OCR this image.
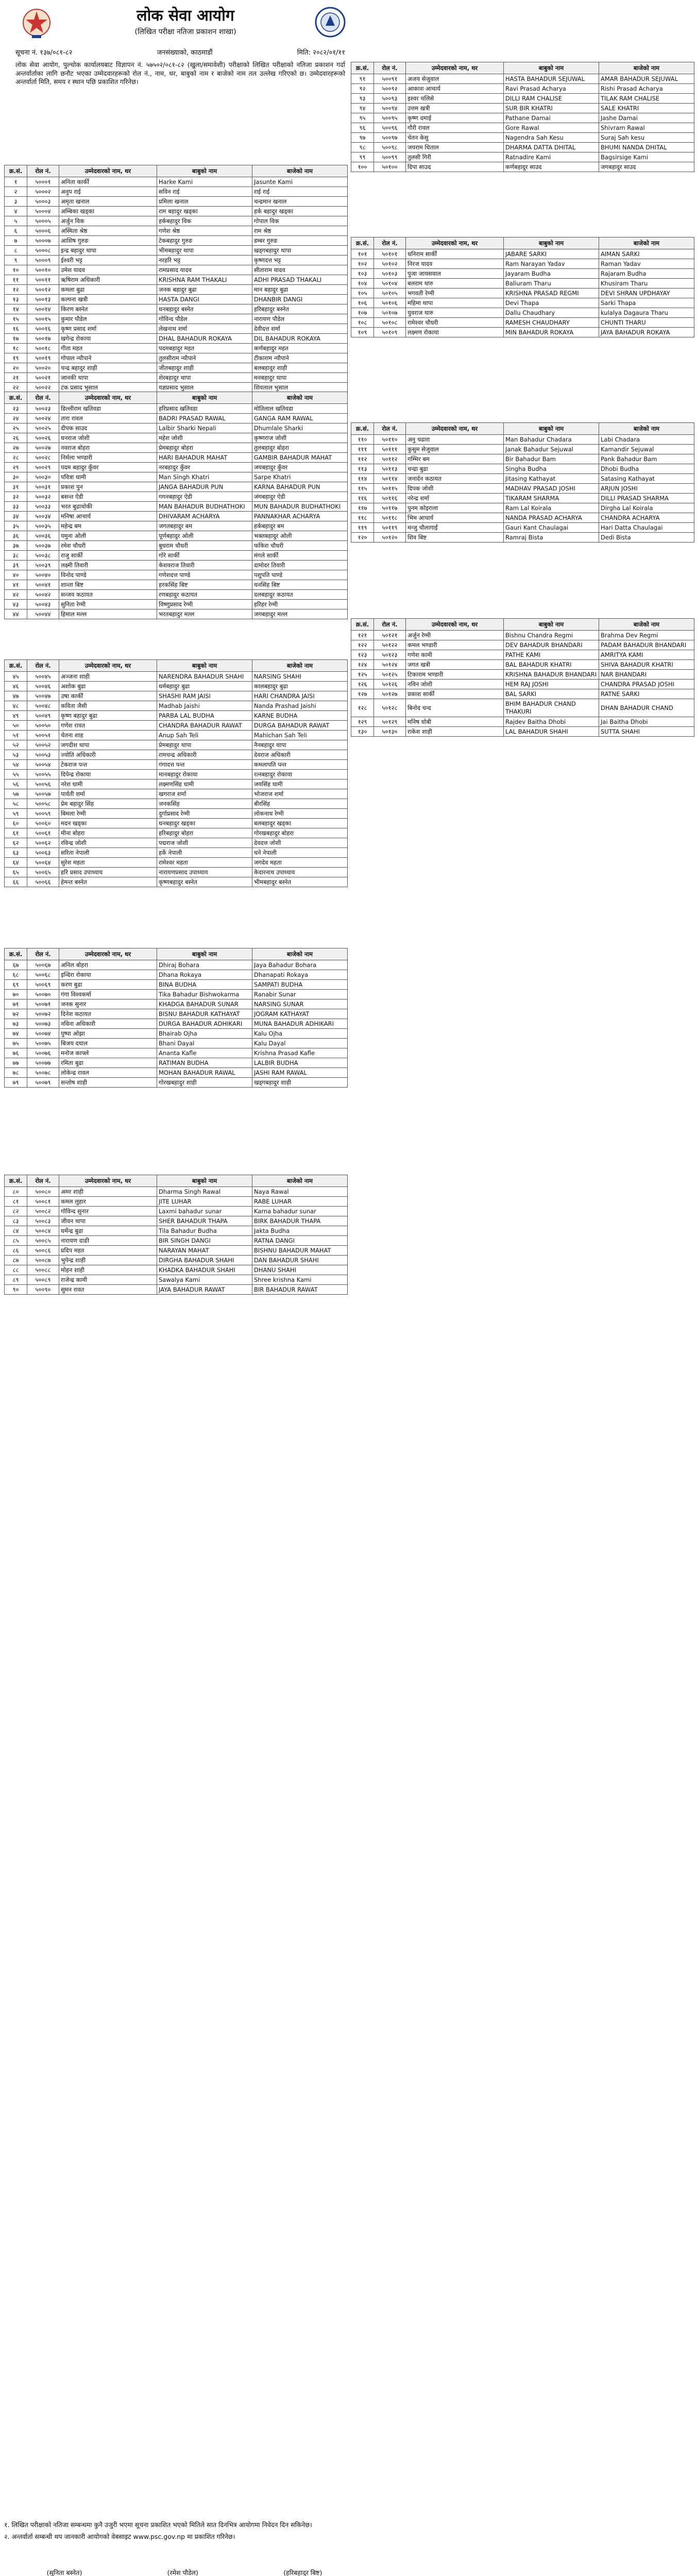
लोक सेवा आयोग
(लिखित परीक्षा नतिजा प्रकाशन शाखा)
सूचना नं. १३७/०८१-८२	जनसंख्याको, काठमाडौं	मिति: २०८२/०१/११
लोक सेवा आयोग, पुल्चोक कार्यालयबाट विज्ञापन नं. ५७५०२/०८१-८२ (खुला/समावेशी) परीक्षाको लिखित परीक्षाको नतिजा प्रकाशन गर्दा अन्तर्वार्ताका लागि छनौट भएका उम्मेदवारहरूको रोल नं., नाम, थर, बाबुको नाम र बाजेको नाम तल उल्लेख गरिएको छ। उम्मेदवारहरूको अन्तर्वार्ता मिति, समय र स्थान पछि प्रकाशित गरिनेछ।
क्र.सं.	रोल नं.	उम्मेदवारको नाम, थर	बाबुको नाम	बाजेको नाम
१	५०००१	अनिता कार्की	Harke Kami	Jasunte Kami
२	५०००२	अनुप राई	सविन राई	राई राई
३	५०००३	अमृता खनाल	प्रमिला खनाल	चन्द्रमान खनाल
४	५०००४	अम्बिका खड्का	राम बहादुर खड्का	हर्क बहादुर खड्का
५	५०००५	अर्जुन विक	हर्कबहादुर विक	गोपाल विक
६	५०००६	अस्मिता श्रेष्ठ	गणेश श्रेष्ठ	राम श्रेष्ठ
७	५०००७	आशिष गुरुङ	टेकबहादुर गुरुङ	डम्बर गुरुङ
८	५०००८	इन्द्र बहादुर थापा	भीमबहादुर थापा	खड्गबहादुर थापा
९	५०००९	ईश्वरी भट्ट	नरहरि भट्ट	कृष्णदत्त भट्ट
१०	५००१०	उमेश यादव	रामप्रसाद यादव	सीताराम यादव
११	५००११	ऋषिराम अधिकारी	KRISHNA RAM THAKALI	ADHI PRASAD THAKALI
१२	५००१२	कमला बुढा	जनक बहादुर बुढा	मान बहादुर बुढा
१३	५००१३	कल्पना खत्री	HASTA DANGI	DHANBIR DANGI
१४	५००१४	किरण बस्नेत	धनबहादुर बस्नेत	हरिबहादुर बस्नेत
१५	५००१५	कुमार पौडेल	गोविन्द पौडेल	नारायण पौडेल
१६	५००१६	कृष्ण प्रसाद शर्मा	लेखनाथ शर्मा	देवीदत्त शर्मा
१७	५००१७	खगेन्द्र रोकाया	DHAL BAHADUR ROKAYA	DIL BAHADUR ROKAYA
१८	५००१८	गीता महत	पदमबहादुर महत	कर्णबहादुर महत
१९	५००१९	गोपाल न्यौपाने	तुलसीराम न्यौपाने	टीकाराम न्यौपाने
२०	५००२०	चन्द्र बहादुर शाही	जीतबहादुर शाही	बलबहादुर शाही
२१	५००२१	जानकी थापा	शेरबहादुर थापा	मनबहादुर थापा
२२	५००२२	टंक प्रसाद भुसाल	यज्ञप्रसाद भुसाल	शिवलाल भुसाल
क्र.सं.	रोल नं.	उम्मेदवारको नाम, थर	बाबुको नाम	बाजेको नाम
२३	५००२३	डिल्लीराम खतिवडा	हरिप्रसाद खतिवडा	मोतिलाल खतिवडा
२४	५००२४	तारा रावल	BADRI PRASAD RAWAL	GANGA RAM RAWAL
२५	५००२५	दीपक साउद	Lalbir Sharki Nepali	Dhumlale Sharki
२६	५००२६	धनराज जोशी	महेश जोशी	कृष्णराज जोशी
२७	५००२७	नवराज बोहरा	प्रेमबहादुर बोहरा	तुलबहादुर बोहरा
२८	५००२८	निर्मला भण्डारी	HARI BAHADUR MAHAT	GAMBIR BAHADUR MAHAT
२९	५००२९	पदम बहादुर कुँवर	नरबहादुर कुँवर	जयबहादुर कुँवर
३०	५००३०	पवित्रा धामी	Man Singh Khatri	Sarpe Khatri
३१	५००३१	प्रकाश पुन	JANGA BAHADUR PUN	KARNA BAHADUR PUN
३२	५००३२	बसन्त ऐडी	गगनबहादुर ऐडी	जंगबहादुर ऐडी
३३	५००३३	भरत बुढाथोकी	MAN BAHADUR BUDHATHOKI	MUN BAHADUR BUDHATHOKI
३४	५००३४	मनिषा आचार्य	DHIVARAM ACHARYA	PANNAKHAR ACHARYA
३५	५००३५	महेन्द्र बम	जगतबहादुर बम	हर्कबहादुर बम
३६	५००३६	यमुना ओली	पूर्णबहादुर ओली	भक्तबहादुर ओली
३७	५००३७	रमेश चौधरी	बुधराम चौधरी	फकिरा चौधरी
३८	५००३८	राजु सार्की	गोरे सार्की	मंगले सार्की
३९	५००३९	लक्ष्मी तिवारी	केशवराज तिवारी	दामोदर तिवारी
४०	५००४०	विनोद पाण्डे	गणेशदत्त पाण्डे	पशुपति पाण्डे
४१	५००४१	शान्ता बिष्ट	हरकसिंह बिष्ट	धनसिंह बिष्ट
४२	५००४२	सन्जय कठायत	रणबहादुर कठायत	दलबहादुर कठायत
४३	५००४३	सुनिता रेग्मी	विष्णुप्रसाद रेग्मी	हरिहर रेग्मी
४४	५००४४	हिमाल मल्ल	भरतबहादुर मल्ल	जगबहादुर मल्ल
क्र.सं.	रोल नं.	उम्मेदवारको नाम, थर	बाबुको नाम	बाजेको नाम
४५	५००४५	अञ्जना शाही	NARENDRA BAHADUR SHAHI	NARSING SHAHI
४६	५००४६	अशोक बुढा	धर्मबहादुर बुढा	कालबहादुर बुढा
४७	५००४७	उषा कार्की	SHASHI RAM JAISI	HARI CHANDRA JAISI
४८	५००४८	कविता जैसी	Madhab Jaishi	Nanda Prashad Jaishi
४९	५००४९	कृष्ण बहादुर बुढा	PARBA LAL BUDHA	KARNE BUDHA
५०	५००५०	गणेश रावत	CHANDRA BAHADUR RAWAT	DURGA BAHADUR RAWAT
५१	५००५१	चेतना शाह	Anup Sah Teli	Mahichan Sah Teli
५२	५००५२	जगदीश थापा	प्रेमबहादुर थापा	नैनबहादुर थापा
५३	५००५३	ज्योति अधिकारी	रामचन्द्र अधिकारी	देवराज अधिकारी
५४	५००५४	टेकराज पन्त	गंगादत्त पन्त	कमलापति पन्त
५५	५००५५	दिपेन्द्र रोकाया	मानबहादुर रोकाया	रत्नबहादुर रोकाया
५६	५००५६	नरेश धामी	लक्ष्मणसिंह धामी	जयसिंह धामी
५७	५००५७	पार्वती शर्मा	खगराज शर्मा	भोजराज शर्मा
५८	५००५८	प्रेम बहादुर सिंह	जनकसिंह	बीरसिंह
५९	५००५९	बिमला रेग्मी	दुर्गाप्रसाद रेग्मी	लोकनाथ रेग्मी
६०	५००६०	मदन खड्का	धनबहादुर खड्का	बलबहादुर खड्का
६१	५००६१	मीना बोहरा	हरिबहादुर बोहरा	गोरखबहादुर बोहरा
६२	५००६२	रविन्द्र जोशी	पद्मराज जोशी	देवदत्त जोशी
६३	५००६३	सरिता नेपाली	हर्के नेपाली	धने नेपाली
६४	५००६४	सुरेश महता	रामेश्वर महता	जगदेव महता
६५	५००६५	हरि प्रसाद उपाध्याय	नारायणप्रसाद उपाध्याय	केदारनाथ उपाध्याय
६६	५००६६	हेमन्त बस्नेत	कृष्णबहादुर बस्नेत	भीमबहादुर बस्नेत
क्र.सं.	रोल नं.	उम्मेदवारको नाम, थर	बाबुको नाम	बाजेको नाम
६७	५००६७	अनिल बोहरा	Dhiraj Bohara	Jaya Bahadur Bohara
६८	५००६८	इन्दिरा रोकाया	Dhana Rokaya	Dhanapati Rokaya
६९	५००६९	करण बुढा	BINA BUDHA	SAMPATI BUDHA
७०	५००७०	गंगा विश्वकर्मा	Tika Bahadur Bishwokarma	Ranabir Sunar
७१	५००७१	जनक सुनार	KHADGA BAHADUR SUNAR	NARSING SUNAR
७२	५००७२	दिनेश कठायत	BISNU BAHADUR KATHAYAT	JOGRAM KATHAYAT
७३	५००७३	नविना अधिकारी	DURGA BAHADUR ADHIKARI	MUNA BAHADUR ADHIKARI
७४	५००७४	पुष्पा ओझा	Bhairab Ojha	Kalu Ojha
७५	५००७५	बिजय दयाल	Bhani Dayal	Kalu Dayal
७६	५००७६	मनोज काफ्ले	Ananta Kafle	Krishna Prasad Kafle
७७	५००७७	रमिता बुढा	RATIMAN BUDHA	LALBIR BUDHA
७८	५००७८	लोकेन्द्र रावल	MOHAN BAHADUR RAWAL	JASHI RAM RAWAL
७९	५००७९	सन्तोष शाही	गोरखबहादुर शाही	खड्गबहादुर शाही
क्र.सं.	रोल नं.	उम्मेदवारको नाम, थर	बाबुको नाम	बाजेको नाम
८०	५००८०	अमर शाही	Dharma Singh Rawal	Naya Rawal
८१	५००८१	कमल लुहार	JITE LUHAR	RABE LUHAR
८२	५००८२	गोविन्द सुनार	Laxmi bahadur sunar	Karna bahadur sunar
८३	५००८३	जीवन थापा	SHER BAHADUR THAPA	BIRK BAHADUR THAPA
८४	५००८४	धर्मेन्द्र बुढा	Tila Bahadur Budha	Jakta Budha
८५	५००८५	नारायण दाङी	BIR SINGH DANGI	RATNA DANGI
८६	५००८६	प्रदिप महत	NARAYAN MAHAT	BISHNU BAHADUR MAHAT
८७	५००८७	भुपेन्द्र शाही	DIRGHA BAHADUR SHAHI	DAN BAHADUR SHAHI
८८	५००८८	मोहन शाही	KHADKA BAHADUR SHAHI	DHANU SHAHI
८९	५००८९	राजेन्द्र कामी	Sawalya Kami	Shree krishna Kami
९०	५००९०	सुमन रावत	JAYA BAHADUR RAWAT	BIR BAHADUR RAWAT
क्र.सं.	रोल नं.	उम्मेदवारको नाम, थर	बाबुको नाम	बाजेको नाम
९१	५००९१	अजय सेजुवाल	HASTA BAHADUR SEJUWAL	AMAR BAHADUR SEJUWAL
९२	५००९२	आकाश आचार्य	Ravi Prasad Acharya	Rishi Prasad Acharya
९३	५००९३	इश्वर चलिसे	DILLI RAM CHALISE	TILAK RAM CHALISE
९४	५००९४	उत्तम खत्री	SUR BIR KHATRI	SALE KHATRI
९५	५००९५	कृष्ण दमाई	Pathane Damai	Jashe Damai
९६	५००९६	गौरी रावल	Gore Rawal	Shivram Rawal
९७	५००९७	चेतन केसु	Nagendra Sah Kesu	Suraj Sah kesu
९८	५००९८	जयराम धिताल	DHARMA DATTA DHITAL	BHUMI NANDA DHITAL
९९	५००९९	तुलसी गिरी	Ratnadire Kami	Bagsirsige Kami
१००	५०१००	दिपा साउद	कर्णबहादुर साउद	जगबहादुर साउद
क्र.सं.	रोल नं.	उम्मेदवारको नाम, थर	बाबुको नाम	बाजेको नाम
१०१	५०१०१	धनिराम सार्की	JABARE SARKI	AIMAN SARKI
१०२	५०१०२	निरज यादव	Ram Narayan Yadav	Raman Yadav
१०३	५०१०३	पुजा जायसवाल	Jayaram Budha	Rajaram Budha
१०४	५०१०४	बलराम थारु	Baliuram Tharu	Khusiram Tharu
१०५	५०१०५	भगवती रेग्मी	KRISHNA PRASAD REGMI	DEVI SHRAN UPDHAYAY
१०६	५०१०६	महिमा थापा	Devi Thapa	Sarki Thapa
१०७	५०१०७	युवराज थारु	Dallu Chaudhary	kulalya Dagaura Tharu
१०८	५०१०८	रामेश्वर चौधरी	RAMESH CHAUDHARY	CHUNTI THARU
१०९	५०१०९	लक्ष्मण रोकाया	MIN BAHADUR ROKAYA	JAYA BAHADUR ROKAYA
क्र.सं.	रोल नं.	उम्मेदवारको नाम, थर	बाबुको नाम	बाजेको नाम
११०	५०११०	अनु चढारा	Man Bahadur Chadara	Labi Chadara
१११	५०१११	कुसुम सेजुवाल	Janak Bahadur Sejuwal	Kamandir Sejuwal
११२	५०११२	गम्भिर बम	Bir Bahadur Bam	Pank Bahadur Bam
११३	५०११३	चन्द्रा बुढा	Singha Budha	Dhobi Budha
११४	५०११४	जनार्दन कठायत	Jitasing Kathayat	Satasing Kathayat
११५	५०११५	दिपक जोशी	MADHAV PRASAD JOSHI	ARJUN JOSHI
११६	५०११६	नरेन्द्र शर्मा	TIKARAM SHARMA	DILLI PRASAD SHARMA
११७	५०११७	पुनम कोइराला	Ram Lal Koirala	Dirgha Lal Koirala
११८	५०११८	भिम आचार्य	NANDA PRASAD ACHARYA	CHANDRA ACHARYA
११९	५०११९	मन्जु चौलागाईं	Gauri Kant Chaulagai	Hari Datta Chaulagai
१२०	५०१२०	शिव बिष्ट	Ramraj Bista	Dedi Bista
क्र.सं.	रोल नं.	उम्मेदवारको नाम, थर	बाबुको नाम	बाजेको नाम
१२१	५०१२१	अर्जुन रेग्मी	Bishnu Chandra Regmi	Brahma Dev Regmi
१२२	५०१२२	कमल भण्डारी	DEV BAHADUR BHANDARI	PADAM BAHADUR BHANDARI
१२३	५०१२३	गणेश कामी	PATHE KAMI	AMRITYA KAMI
१२४	५०१२४	जगत खत्री	BAL BAHADUR KHATRI	SHIVA BAHADUR KHATRI
१२५	५०१२५	टिकाराम भण्डारी	KRISHNA BAHADUR BHANDARI	NAR BHANDARI
१२६	५०१२६	नविन जोशी	HEM RAJ JOSHI	CHANDRA PRASAD JOSHI
१२७	५०१२७	प्रकाश सार्की	BAL SARKI	RATNE SARKI
१२८	५०१२८	बिनोद चन्द	BHIM BAHADUR CHAND THAKURI	DHAN BAHADUR CHAND
१२९	५०१२९	मनिष धोबी	Rajdev Baitha Dhobi	Jai Baitha Dhobi
१३०	५०१३०	राकेश शाही	LAL BAHADUR SHAHI	SUTTA SHAHI

१. लिखित परीक्षाको नतिजा सम्बन्धमा कुनै उजुरी भएमा सूचना प्रकाशित भएको मितिले सात दिनभित्र आयोगमा निवेदन दिन सकिनेछ।

२. अन्तर्वार्ता सम्बन्धी थप जानकारी आयोगको वेबसाइट www.psc.gov.np मा प्रकाशित गरिनेछ।

(सुनिता बस्नेत)	(रमेश पौडेल)	(हरिबहादुर बिष्ट)
